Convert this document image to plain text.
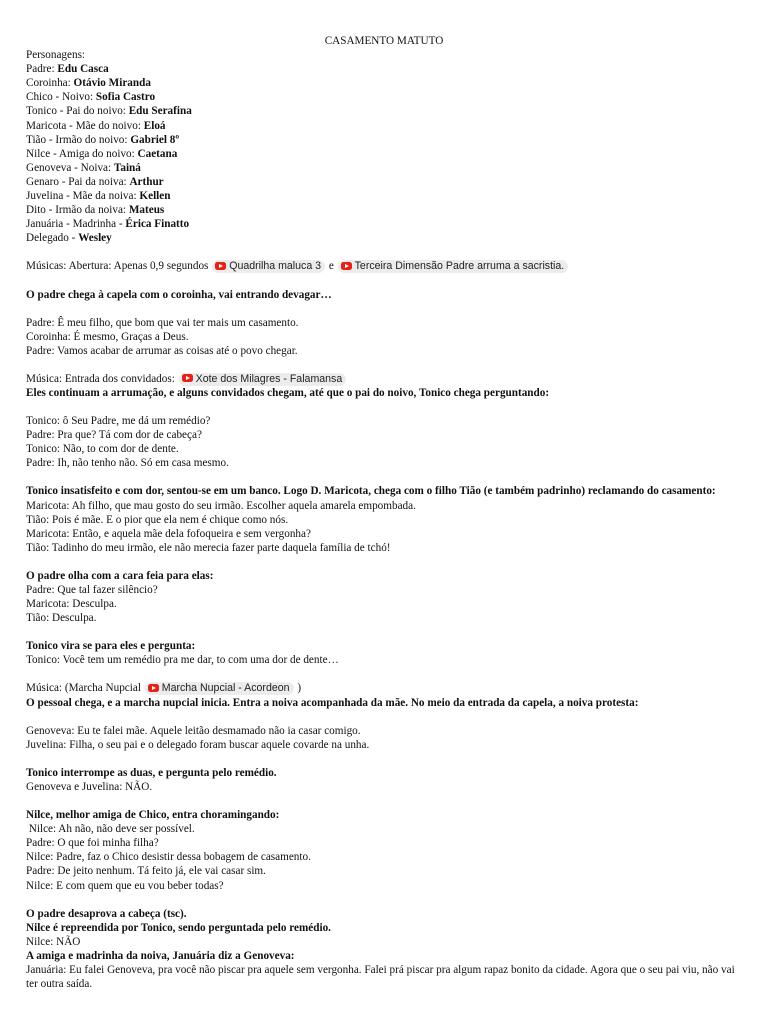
CASAMENTO MATUTO
Personagens:
Padre: Edu Casca
Coroinha: Otávio Miranda
Chico - Noivo: Sofia Castro
Tonico - Pai do noivo: Edu Serafina
Maricota - Mãe do noivo: Eloá
Tião - Irmão do noivo: Gabriel 8º
Nilce - Amiga do noivo: Caetana
Genoveva - Noiva: Tainá
Genaro - Pai da noiva: Arthur
Juvelina - Mãe da noiva: Kellen
Dito - Irmão da noiva: Mateus
Januária - Madrinha - Érica Finatto
Delegado - Wesley
Músicas: Abertura: Apenas 0,9 segundos Quadrilha maluca 3 e Terceira Dimensão Padre arruma a sacristia.
O padre chega à capela com o coroinha, vai entrando devagar…
Padre: Ê meu filho, que bom que vai ter mais um casamento.
Coroinha: É mesmo, Graças a Deus.
Padre: Vamos acabar de arrumar as coisas até o povo chegar.
Música: Entrada dos convidados: Xote dos Milagres - Falamansa
Eles continuam a arrumação, e alguns convidados chegam, até que o pai do noivo, Tonico chega perguntando:
Tonico: ô Seu Padre, me dá um remédio?
Padre: Pra que? Tá com dor de cabeça?
Tonico: Não, to com dor de dente.
Padre: Ih, não tenho não. Só em casa mesmo.
Tonico insatisfeito e com dor, sentou-se em um banco. Logo D. Maricota, chega com o filho Tião (e também padrinho) reclamando do casamento:
Maricota: Ah filho, que mau gosto do seu irmão. Escolher aquela amarela empombada.
Tião: Pois é mãe. E o pior que ela nem é chique como nós.
Maricota: Então, e aquela mãe dela fofoqueira e sem vergonha?
Tião: Tadinho do meu irmão, ele não merecia fazer parte daquela família de tchó!
O padre olha com a cara feia para elas:
Padre: Que tal fazer silêncio?
Maricota: Desculpa.
Tião: Desculpa.
Tonico vira se para eles e pergunta:
Tonico: Você tem um remédio pra me dar, to com uma dor de dente…
Música: (Marcha Nupcial Marcha Nupcial - Acordeon )
O pessoal chega, e a marcha nupcial inicia. Entra a noiva acompanhada da mãe. No meio da entrada da capela, a noiva protesta:
Genoveva: Eu te falei mãe. Aquele leitão desmamado não ia casar comigo.
Juvelina: Filha, o seu pai e o delegado foram buscar aquele covarde na unha.
Tonico interrompe as duas, e pergunta pelo remédio.
Genoveva e Juvelina: NÃO.
Nilce, melhor amiga de Chico, entra choramingando:
Nilce: Ah não, não deve ser possível.
Padre: O que foi minha filha?
Nilce: Padre, faz o Chico desistir dessa bobagem de casamento.
Padre: De jeito nenhum. Tá feito já, ele vai casar sim.
Nilce: E com quem que eu vou beber todas?
O padre desaprova a cabeça (tsc).
Nilce é repreendida por Tonico, sendo perguntada pelo remédio.
Nilce: NÃO
A amiga e madrinha da noiva, Januária diz a Genoveva:
Januária: Eu falei Genoveva, pra você não piscar pra aquele sem vergonha. Falei prá piscar pra algum rapaz bonito da cidade. Agora que o seu pai viu, não vai ter outra saída.
